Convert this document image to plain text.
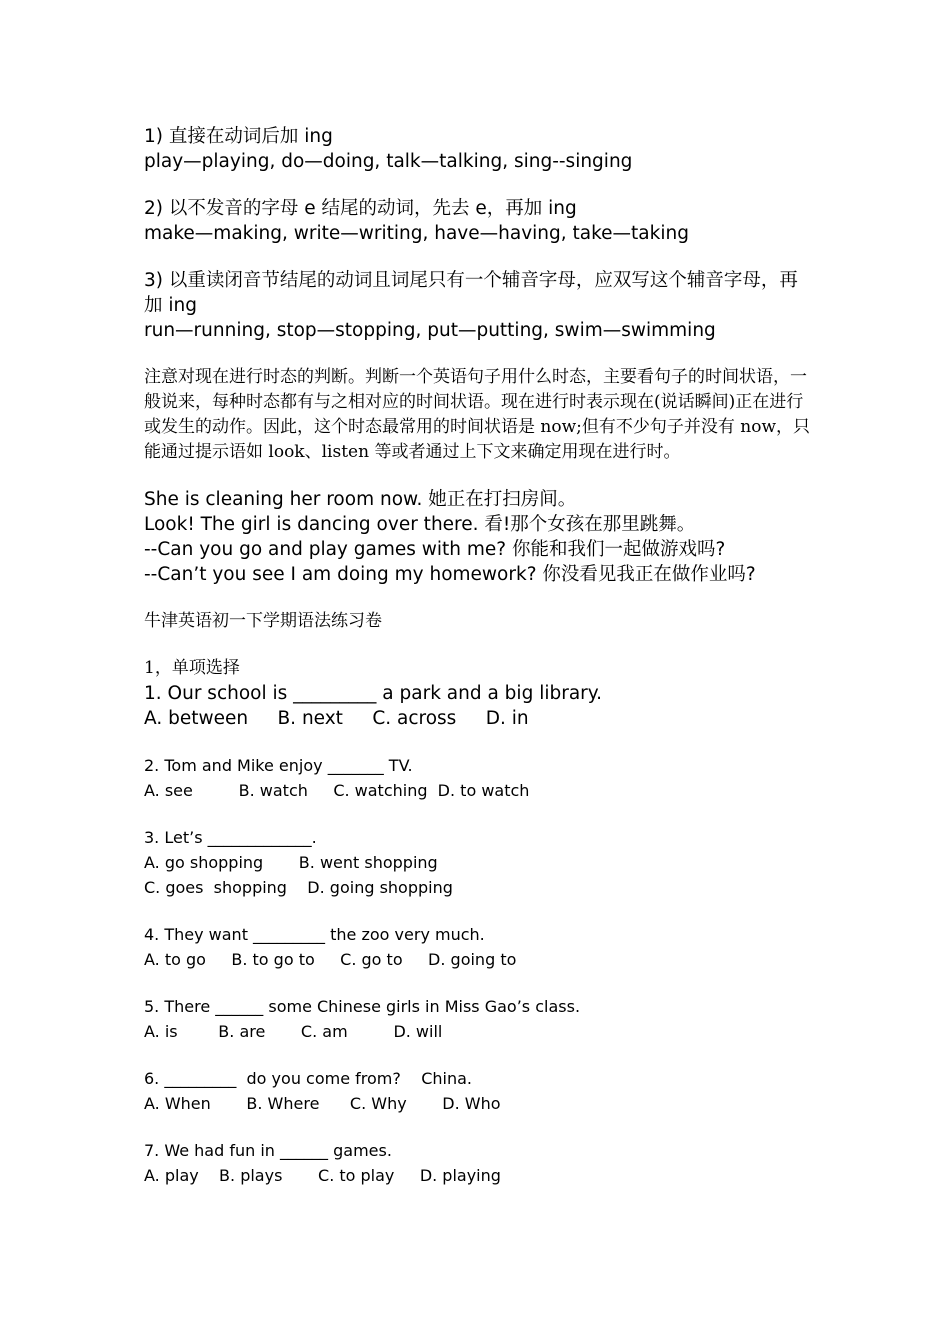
1) 直接在动词后加 ing
play—playing, do—doing, talk—talking, sing--singing
2) 以不发音的字母 e 结尾的动词，先去 e，再加 ing
make—making, write—writing, have—having, take—taking
3) 以重读闭音节结尾的动词且词尾只有一个辅音字母，应双写这个辅音字母，再加 ing
run—running, stop—stopping, put—putting, swim—swimming
注意对现在进行时态的判断。判断一个英语句子用什么时态，主要看句子的时间状语，一般说来，每种时态都有与之相对应的时间状语。现在进行时表示现在(说话瞬间)正在进行或发生的动作。因此，这个时态最常用的时间状语是 now;但有不少句子并没有 now，只能通过提示语如 look、listen 等或者通过上下文来确定用现在进行时。
She is cleaning her room now. 她正在打扫房间。
Look! The girl is dancing over there. 看!那个女孩在那里跳舞。
--Can you go and play games with me? 你能和我们一起做游戏吗?
--Can’t you see I am doing my homework? 你没看见我正在做作业吗?
牛津英语初一下学期语法练习卷
1，单项选择
1. Our school is _________ a park and a big library.
A. between     B. next     C. across     D. in
2. Tom and Mike enjoy _______ TV.
A. see         B. watch     C. watching  D. to watch
3. Let’s _____________.
A. go shopping       B. went shopping
C. goes  shopping    D. going shopping
4. They want _________ the zoo very much.
A. to go     B. to go to     C. go to     D. going to
5. There ______ some Chinese girls in Miss Gao’s class.
A. is        B. are       C. am         D. will
6. _________  do you come from?    China.
A. When       B. Where      C. Why       D. Who
7. We had fun in ______ games.
A. play    B. plays       C. to play     D. playing
